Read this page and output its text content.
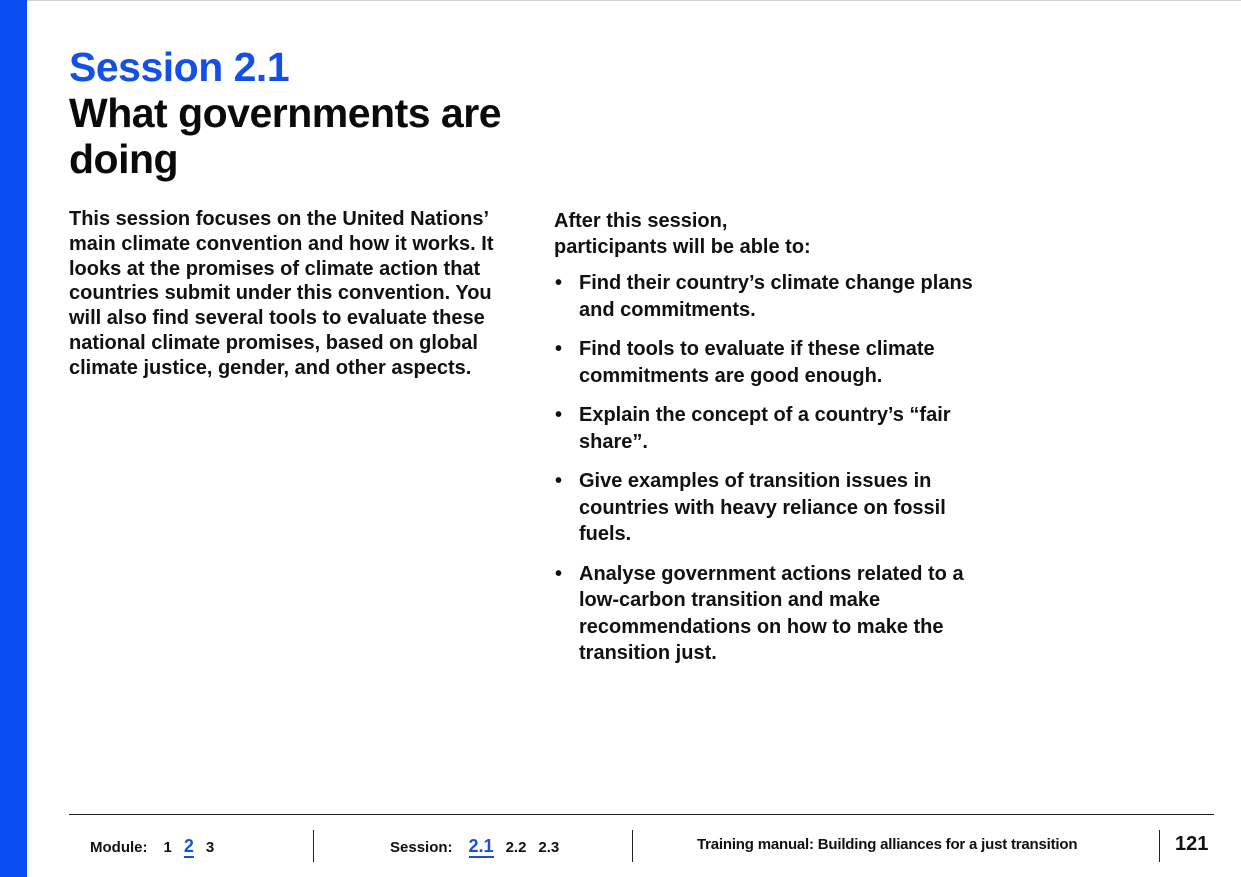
Session 2.1
What governments are doing

This session focuses on the United Nations’ main climate convention and how it works. It looks at the promises of climate action that countries submit under this convention. You will also find several tools to evaluate these national climate promises, based on global climate justice, gender, and other aspects.

After this session,
participants will be able to:

• Find their country’s climate change plans and commitments.
• Find tools to evaluate if these climate commitments are good enough.
• Explain the concept of a country’s “fair share”.
• Give examples of transition issues in countries with heavy reliance on fossil fuels.
• Analyse government actions related to a low-carbon transition and make recommendations on how to make the transition just.
Module: 1 2 3	Session: 2.1 2.2 2.3	Training manual: Building alliances for a just transition	121
